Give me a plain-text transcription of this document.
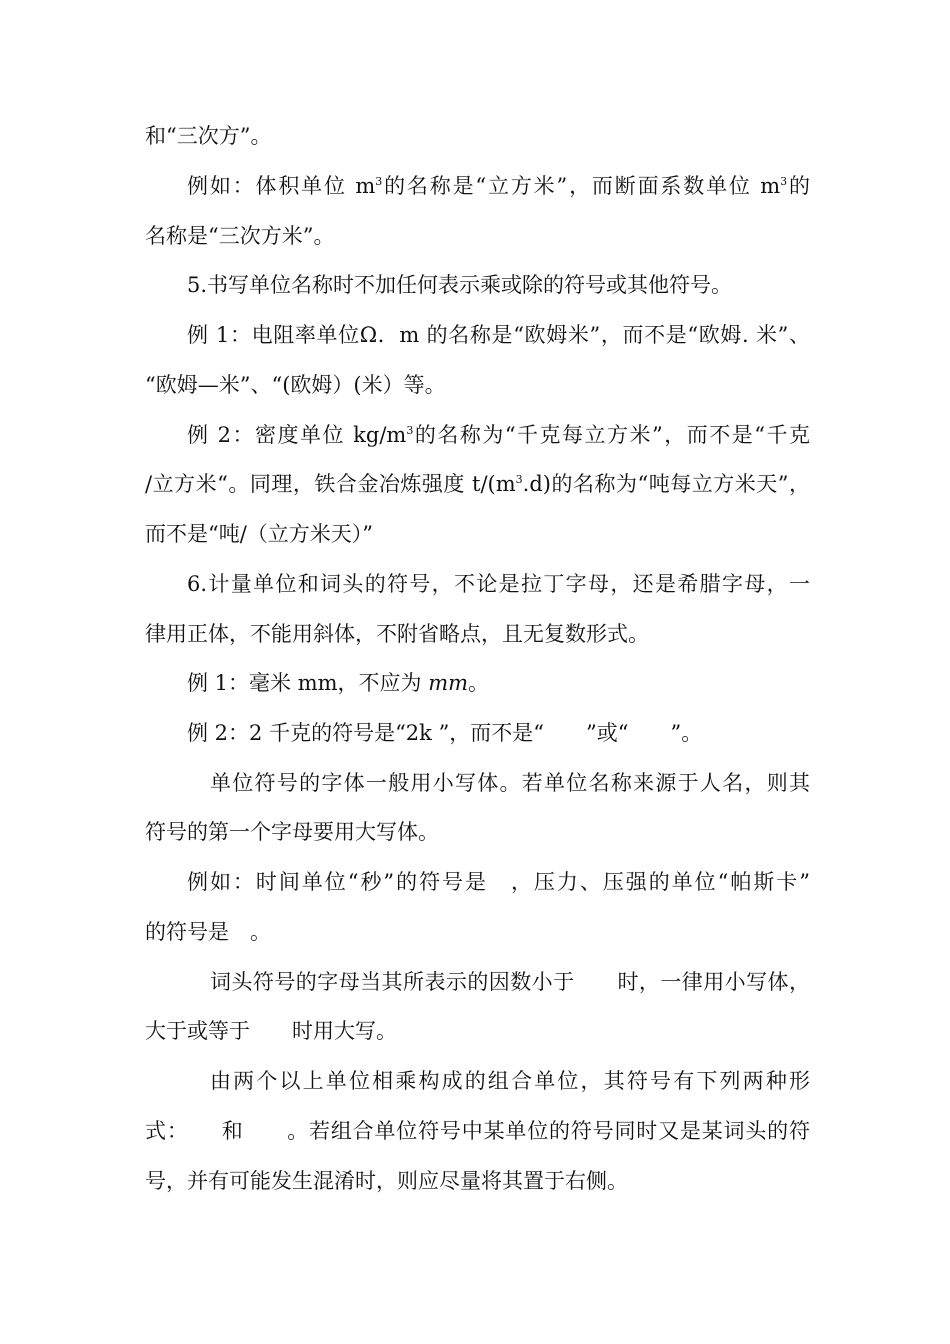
和“三次方”。
例如：体积单位 $m^3$的名称是“立方米”，而断面系数单位 $m^3$的
名称是“三次方米”。
5.书写单位名称时不加任何表示乘或除的符号或其他符号。
例 1：电阻率单位Ω．m 的名称是“欧姆米”，而不是“欧姆. 米”、
“欧姆—米”、“(欧姆）(米）等。
例 2：密度单位 $kg/m^3$的名称为“千克每立方米”，而不是“千克
/立方米“。同理，铁合金冶炼强度 $t/(m^3.d)$的名称为“吨每立方米天”，
而不是“吨/（立方米天）”
6.计量单位和词头的符号，不论是拉丁字母，还是希腊字母，一
律用正体，不能用斜体，不附省略点，且无复数形式。
例 1：毫米 mm，不应为 mm。
例 2：2 千克的符号是“2k ”，而不是“　　”或“　　”。
单位符号的字体一般用小写体。若单位名称来源于人名，则其
符号的第一个字母要用大写体。
例如：时间单位“秒”的符号是　，压力、压强的单位“帕斯卡”
的符号是　。
词头符号的字母当其所表示的因数小于　　时，一律用小写体，
大于或等于　　时用大写。
由两个以上单位相乘构成的组合单位，其符号有下列两种形
式：　　和　　。若组合单位符号中某单位的符号同时又是某词头的符
号，并有可能发生混淆时，则应尽量将其置于右侧。
